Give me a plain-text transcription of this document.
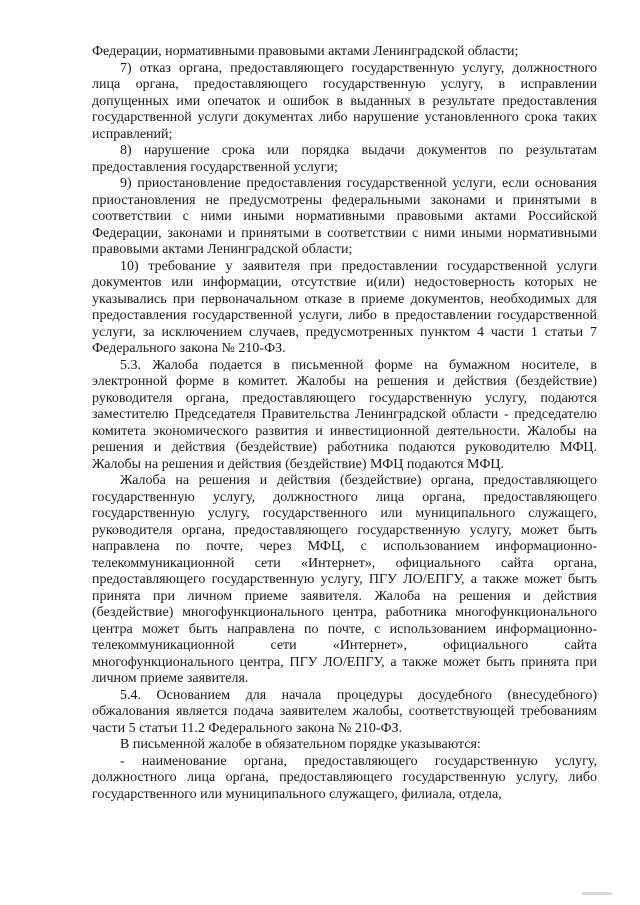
Федерации, нормативными правовыми актами Ленинградской области;

7) отказ органа, предоставляющего государственную услугу, должностного лица органа, предоставляющего государственную услугу, в исправлении допущенных ими опечаток и ошибок в выданных в результате предоставления государственной услуги документах либо нарушение установленного срока таких исправлений;

8) нарушение срока или порядка выдачи документов по результатам предоставления государственной услуги;

9) приостановление предоставления государственной услуги, если основания приостановления не предусмотрены федеральными законами и принятыми в соответствии с ними иными нормативными правовыми актами Российской Федерации, законами и принятыми в соответствии с ними иными нормативными правовыми актами Ленинградской области;

10) требование у заявителя при предоставлении государственной услуги документов или информации, отсутствие и(или) недостоверность которых не указывались при первоначальном отказе в приеме документов, необходимых для предоставления государственной услуги, либо в предоставлении государственной услуги, за исключением случаев, предусмотренных пунктом 4 части 1 статьи 7 Федерального закона № 210-ФЗ.

5.3. Жалоба подается в письменной форме на бумажном носителе, в электронной форме в комитет. Жалобы на решения и действия (бездействие) руководителя органа, предоставляющего государственную услугу, подаются заместителю Председателя Правительства Ленинградской области - председателю комитета экономического развития и инвестиционной деятельности. Жалобы на решения и действия (бездействие) работника подаются руководителю МФЦ. Жалобы на решения и действия (бездействие) МФЦ подаются МФЦ.

Жалоба на решения и действия (бездействие) органа, предоставляющего государственную услугу, должностного лица органа, предоставляющего государственную услугу, государственного или муниципального служащего, руководителя органа, предоставляющего государственную услугу, может быть направлена по почте, через МФЦ, с использованием информационно-телекоммуникационной сети «Интернет», официального сайта органа, предоставляющего государственную услугу, ПГУ ЛО/ЕПГУ, а также может быть принята при личном приеме заявителя. Жалоба на решения и действия (бездействие) многофункционального центра, работника многофункционального центра может быть направлена по почте, с использованием информационно-телекоммуникационной сети «Интернет», официального сайта многофункционального центра, ПГУ ЛО/ЕПГУ, а также может быть принята при личном приеме заявителя.

5.4. Основанием для начала процедуры досудебного (внесудебного) обжалования является подача заявителем жалобы, соответствующей требованиям части 5 статьи 11.2 Федерального закона № 210-ФЗ.

В письменной жалобе в обязательном порядке указываются:

- наименование органа, предоставляющего государственную услугу, должностного лица органа, предоставляющего государственную услугу, либо государственного или муниципального служащего, филиала, отдела,
